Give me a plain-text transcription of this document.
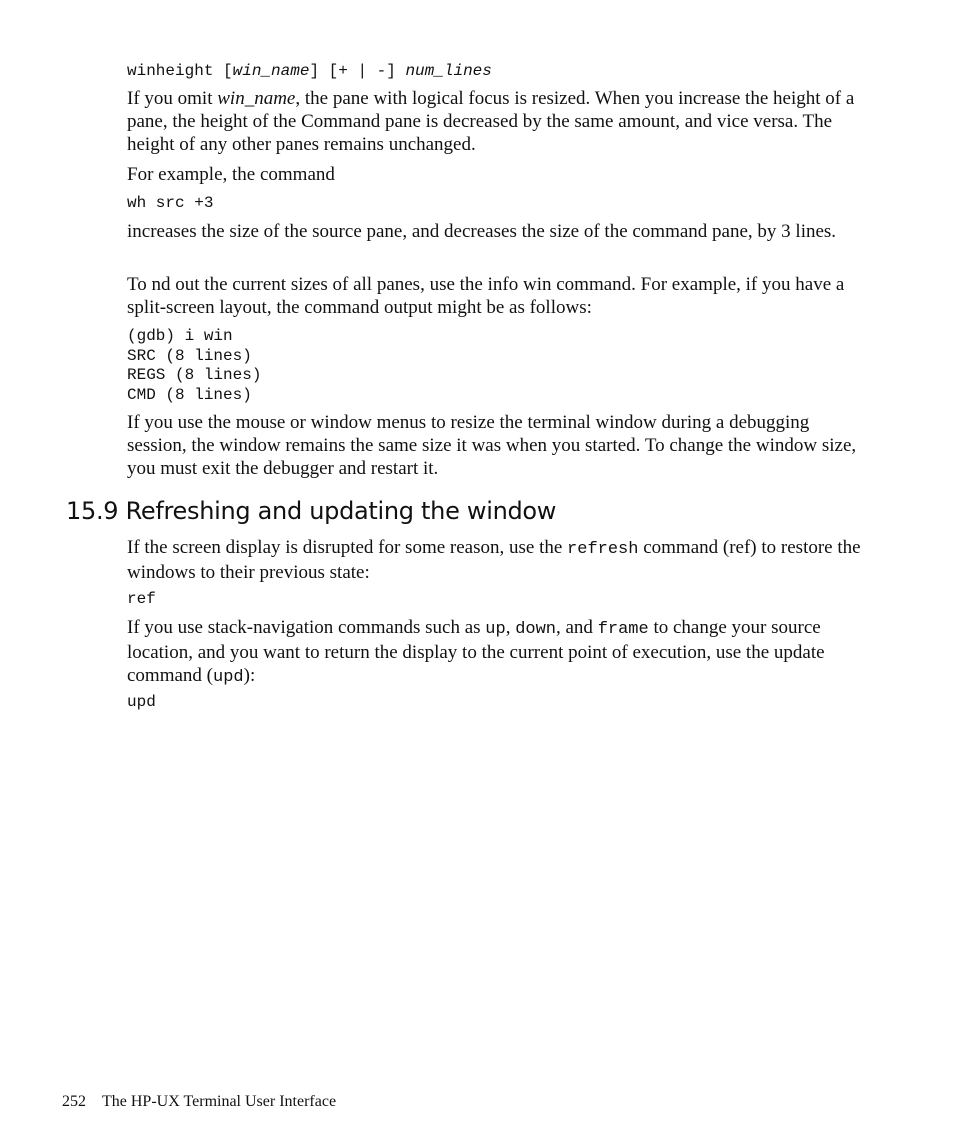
winheight [win_name] [+ | -] num_lines

If you omit win_name, the pane with logical focus is resized. When you increase the height of a pane, the height of the Command pane is decreased by the same amount, and vice versa. The height of any other panes remains unchanged.

For example, the command

wh src +3

increases the size of the source pane, and decreases the size of the command pane, by 3 lines.

To nd out the current sizes of all panes, use the info win command. For example, if you have a split-screen layout, the command output might be as follows:

(gdb) i win
SRC (8 lines)
REGS (8 lines)
CMD (8 lines)

If you use the mouse or window menus to resize the terminal window during a debugging session, the window remains the same size it was when you started. To change the window size, you must exit the debugger and restart it.

15.9 Refreshing and updating the window

If the screen display is disrupted for some reason, use the refresh command (ref) to restore the windows to their previous state:

ref

If you use stack-navigation commands such as up, down, and frame to change your source location, and you want to return the display to the current point of execution, use the update command (upd):

upd

252 The HP-UX Terminal User Interface
